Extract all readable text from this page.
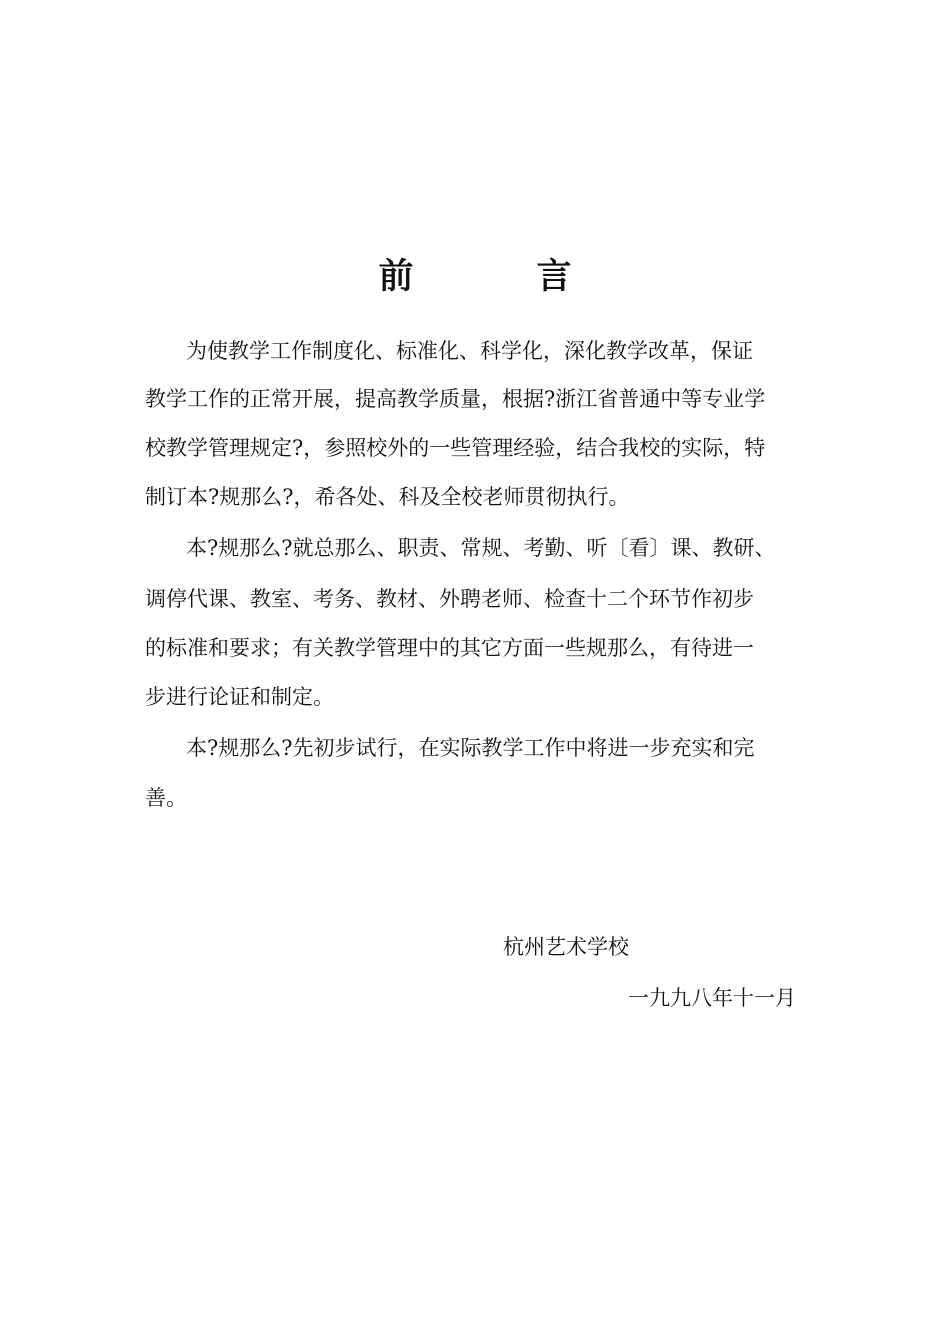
前　言
为使教学工作制度化、标准化、科学化，深化教学改革，保证
教学工作的正常开展，提高教学质量，根据?浙江省普通中等专业学
校教学管理规定?，参照校外的一些管理经验，结合我校的实际，特
制订本?规那么?，希各处、科及全校老师贯彻执行。
本?规那么?就总那么、职责、常规、考勤、听〔看〕课、教研、
调停代课、教室、考务、教材、外聘老师、检查十二个环节作初步
的标准和要求；有关教学管理中的其它方面一些规那么，有待进一
步进行论证和制定。
本?规那么?先初步试行，在实际教学工作中将进一步充实和完
善。
杭州艺术学校
一九九八年十一月
